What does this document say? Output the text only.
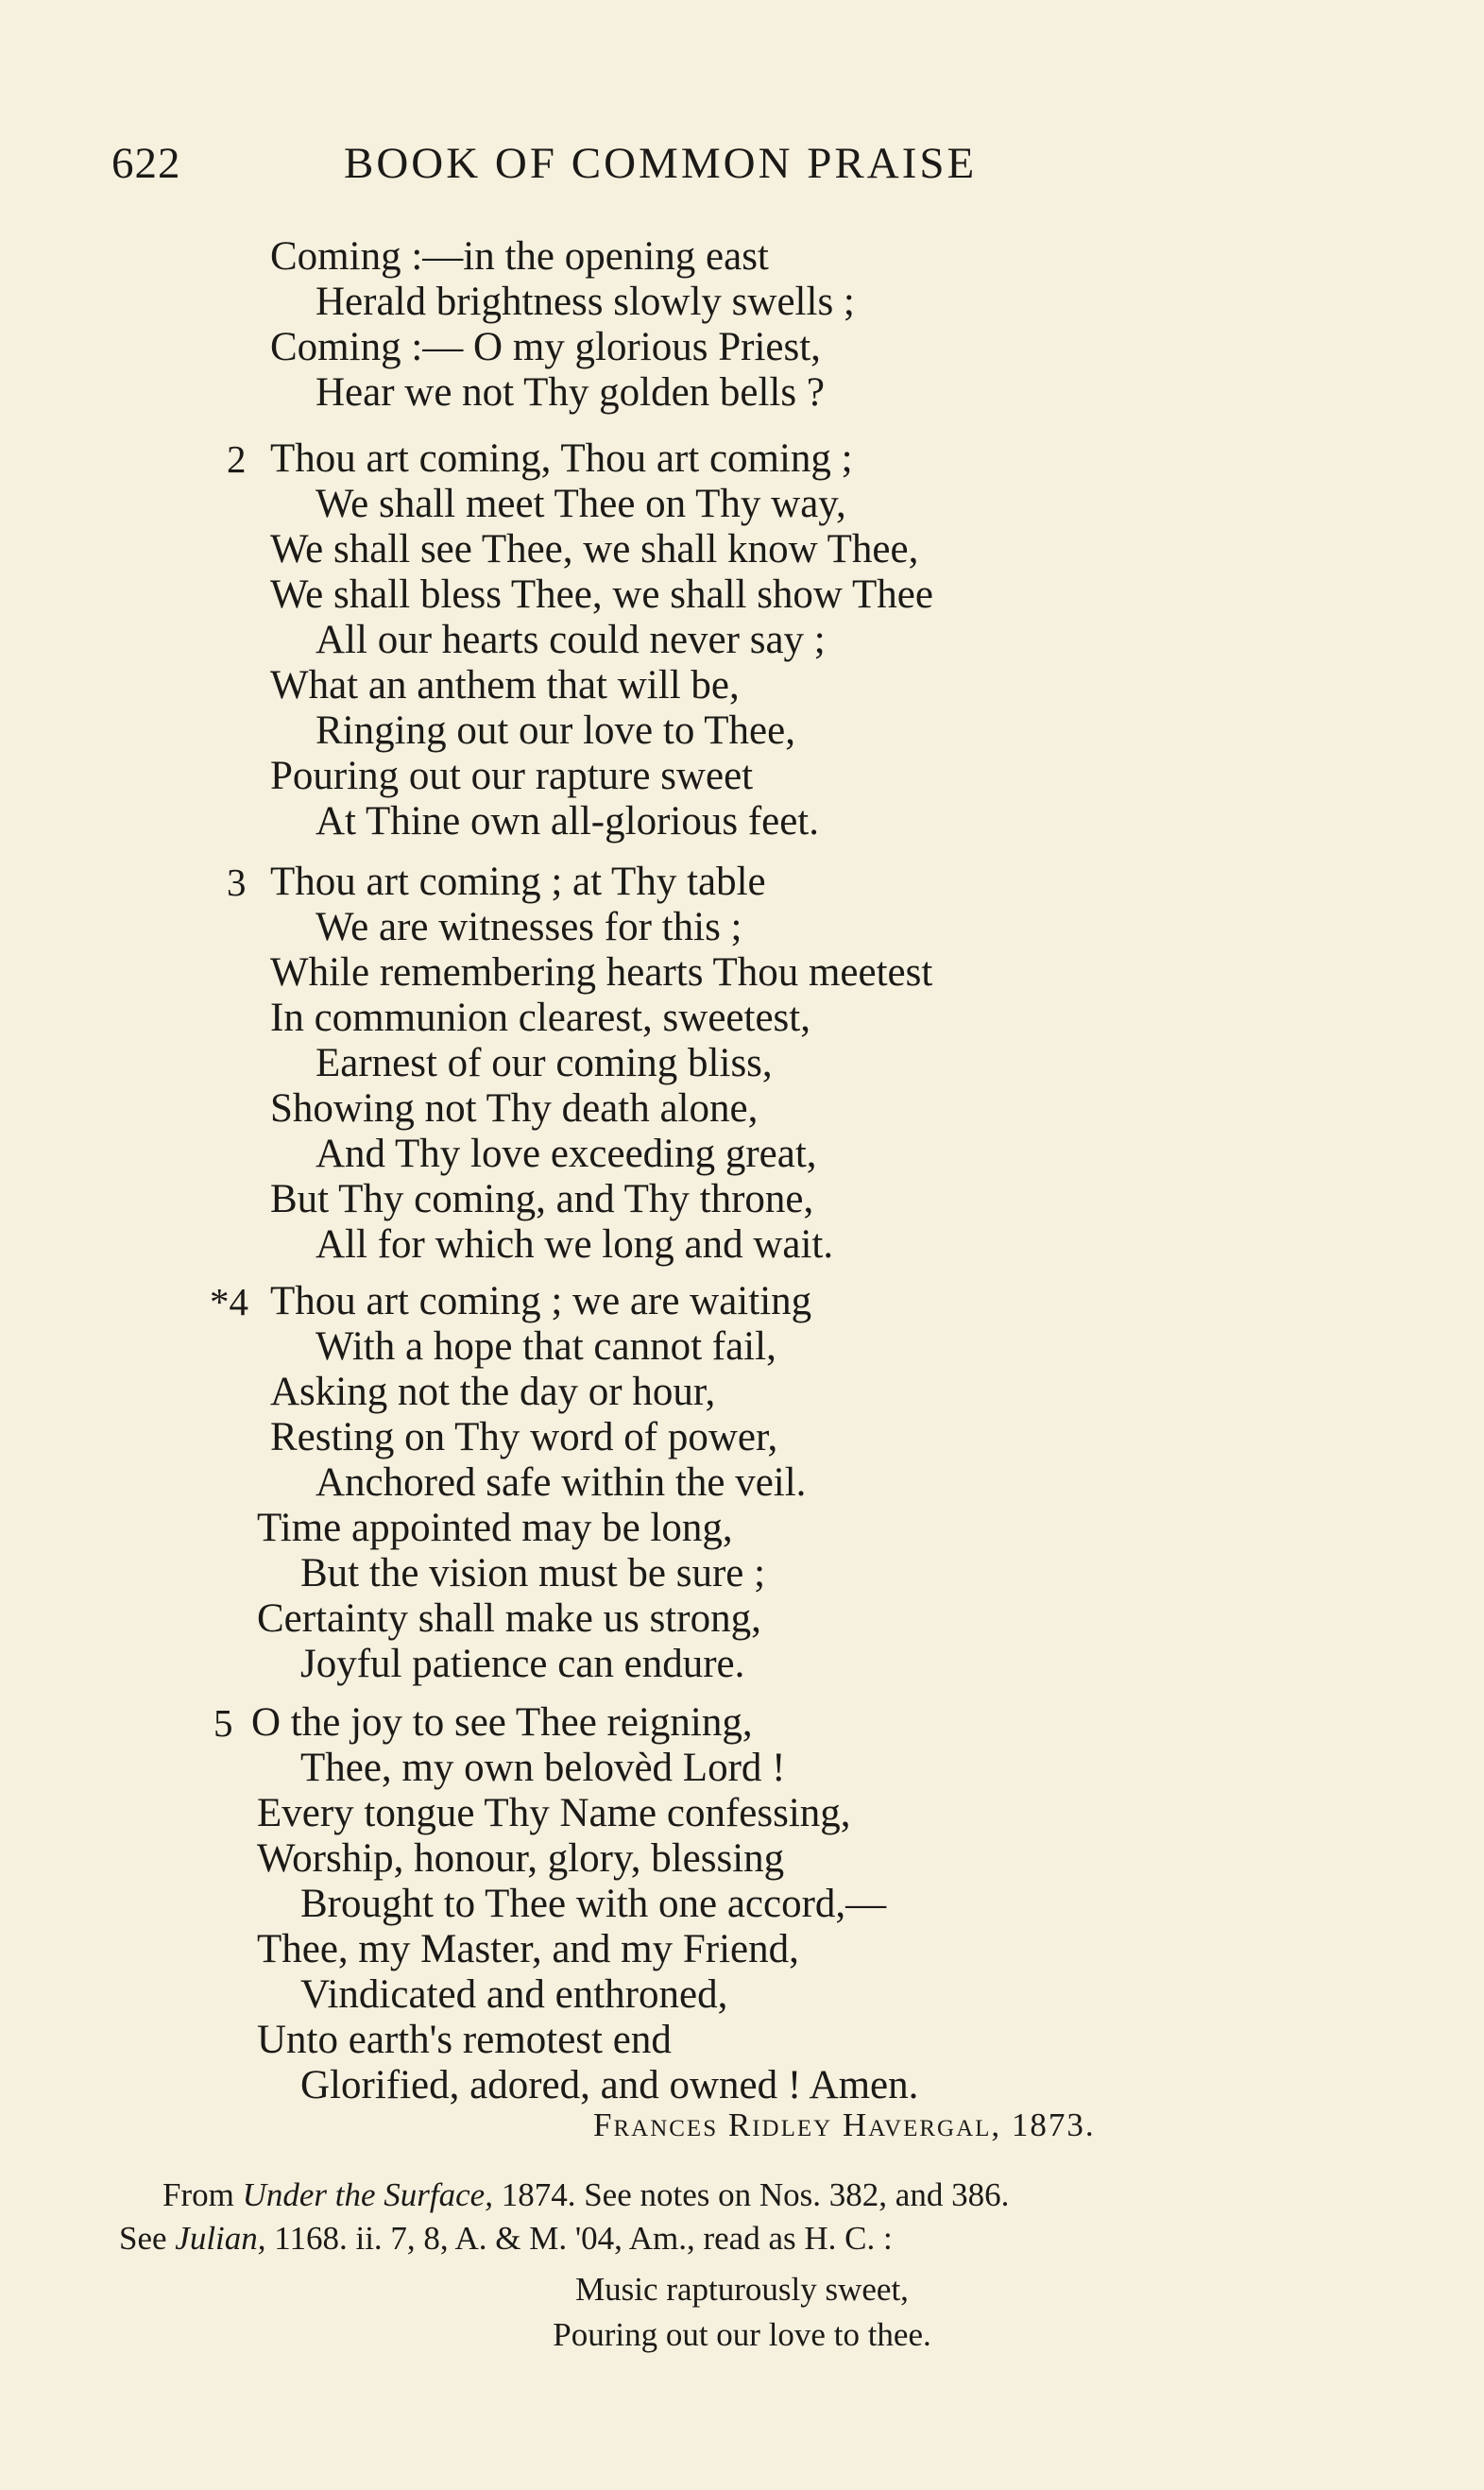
622	BOOK OF COMMON PRAISE
Coming :—in the opening east
Herald brightness slowly swells ;
Coming :— O my glorious Priest,
Hear we not Thy golden bells ?
2 Thou art coming, Thou art coming ;
We shall meet Thee on Thy way,
We shall see Thee, we shall know Thee,
We shall bless Thee, we shall show Thee
All our hearts could never say ;
What an anthem that will be,
Ringing out our love to Thee,
Pouring out our rapture sweet
At Thine own all-glorious feet.
3 Thou art coming ; at Thy table
We are witnesses for this ;
While remembering hearts Thou meetest
In communion clearest, sweetest,
Earnest of our coming bliss,
Showing not Thy death alone,
And Thy love exceeding great,
But Thy coming, and Thy throne,
All for which we long and wait.
*4 Thou art coming ; we are waiting
With a hope that cannot fail,
Asking not the day or hour,
Resting on Thy word of power,
Anchored safe within the veil.
Time appointed may be long,
But the vision must be sure ;
Certainty shall make us strong,
Joyful patience can endure.
5 O the joy to see Thee reigning,
Thee, my own belovèd Lord !
Every tongue Thy Name confessing,
Worship, honour, glory, blessing
Brought to Thee with one accord,—
Thee, my Master, and my Friend,
Vindicated and enthroned,
Unto earth's remotest end
Glorified, adored, and owned ! Amen.
Frances Ridley Havergal, 1873.
From Under the Surface, 1874. See notes on Nos. 382, and 386.
See Julian, 1168. ii. 7, 8, A. & M. '04, Am., read as H. C. :
Music rapturously sweet,
Pouring out our love to thee.
